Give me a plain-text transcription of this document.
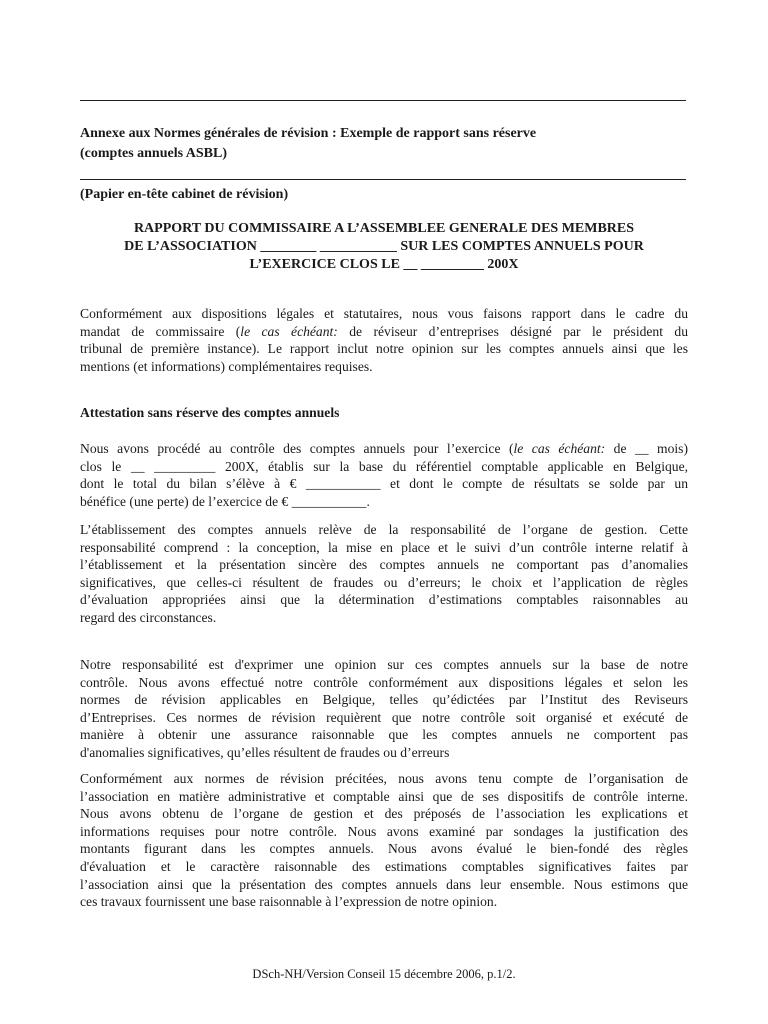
Annexe aux Normes générales de révision : Exemple de rapport sans réserve
(comptes annuels ASBL)
(Papier en-tête cabinet de révision)
RAPPORT DU COMMISSAIRE A L’ASSEMBLEE GENERALE DES MEMBRES
DE L’ASSOCIATION ________ ___________ SUR LES COMPTES ANNUELS POUR
L’EXERCICE CLOS LE __ _________ 200X
Conformément aux dispositions légales et statutaires, nous vous faisons rapport dans le cadre du
mandat de commissaire (le cas échéant: de réviseur d’entreprises désigné par le président du
tribunal de première instance). Le rapport inclut notre opinion sur les comptes annuels ainsi que les
mentions (et informations) complémentaires requises.
Attestation sans réserve des comptes annuels
Nous avons procédé au contrôle des comptes annuels pour l’exercice (le cas échéant: de __ mois)
clos le __ _________ 200X, établis sur la base du référentiel comptable applicable en Belgique,
dont le total du bilan s’élève à € ___________ et dont le compte de résultats se solde par un
bénéfice (une perte) de l’exercice de € ___________.
L’établissement des comptes annuels relève de la responsabilité de l’organe de gestion. Cette
responsabilité comprend : la conception, la mise en place et le suivi d’un contrôle interne relatif à
l’établissement et la présentation sincère des comptes annuels ne comportant pas d’anomalies
significatives, que celles-ci résultent de fraudes ou d’erreurs; le choix et l’application de règles
d’évaluation appropriées ainsi que la détermination d’estimations comptables raisonnables au
regard des circonstances.
Notre responsabilité est d'exprimer une opinion sur ces comptes annuels sur la base de notre
contrôle. Nous avons effectué notre contrôle conformément aux dispositions légales et selon les
normes de révision applicables en Belgique, telles qu’édictées par l’Institut des Reviseurs
d’Entreprises. Ces normes de révision requièrent que notre contrôle soit organisé et exécuté de
manière à obtenir une assurance raisonnable que les comptes annuels ne comportent pas
d'anomalies significatives, qu’elles résultent de fraudes ou d’erreurs
Conformément aux normes de révision précitées, nous avons tenu compte de l’organisation de
l’association en matière administrative et comptable ainsi que de ses dispositifs de contrôle interne.
Nous avons obtenu de l’organe de gestion et des préposés de l’association les explications et
informations requises pour notre contrôle. Nous avons examiné par sondages la justification des
montants figurant dans les comptes annuels. Nous avons évalué le bien-fondé des règles
d'évaluation et le caractère raisonnable des estimations comptables significatives faites par
l’association ainsi que la présentation des comptes annuels dans leur ensemble. Nous estimons que
ces travaux fournissent une base raisonnable à l’expression de notre opinion.
DSch-NH/Version Conseil 15 décembre 2006, p.1/2.
